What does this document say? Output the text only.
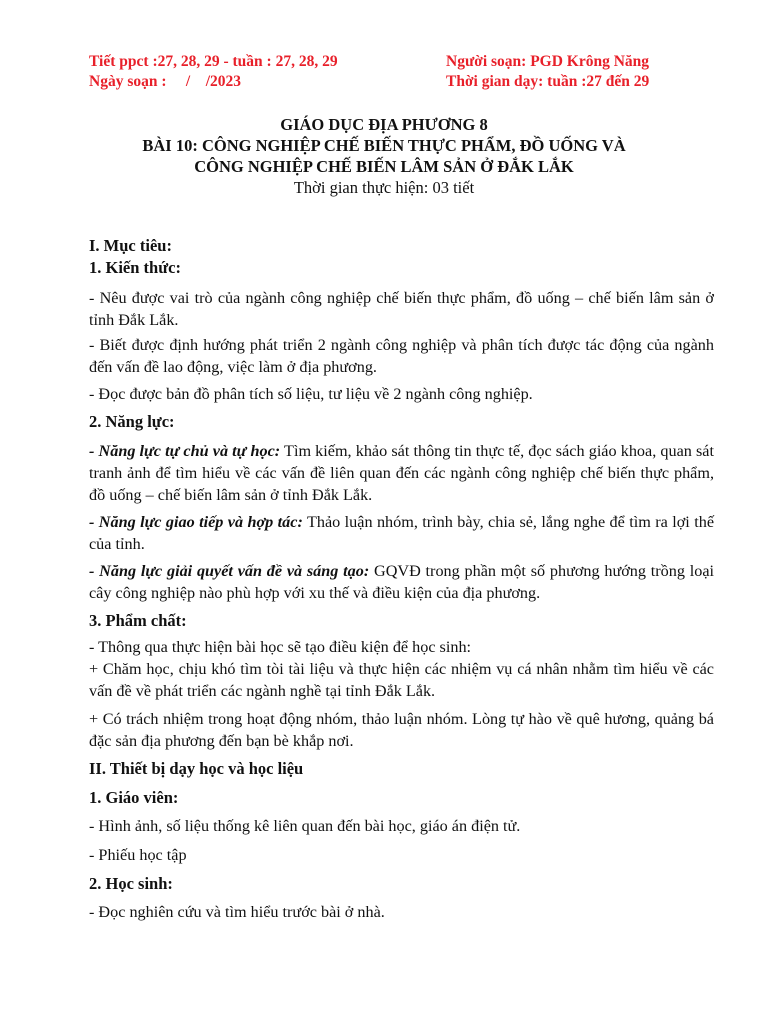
Tiết ppct :27, 28, 29 - tuần : 27, 28, 29
Ngày soạn :     /    /2023
Người soạn: PGD Krông Năng
Thời gian dạy: tuần :27 đến 29
GIÁO DỤC ĐỊA PHƯƠNG 8
BÀI 10: CÔNG NGHIỆP CHẾ BIẾN THỰC PHẨM, ĐỒ UỐNG VÀ
CÔNG NGHIỆP CHẾ BIẾN LÂM SẢN Ở ĐẮK LẮK
Thời gian thực hiện: 03 tiết
I. Mục tiêu:
1. Kiến thức:
- Nêu được vai trò của ngành công nghiệp chế biến thực phẩm, đồ uống – chế biến lâm sản ở tỉnh Đắk Lắk.
- Biết được định hướng phát triển 2 ngành công nghiệp và phân tích được tác động của ngành đến vấn đề lao động, việc làm ở địa phương.
- Đọc được bản đồ phân tích số liệu, tư liệu về 2 ngành công nghiệp.
2. Năng lực:
- Năng lực tự chủ và tự học: Tìm kiếm, khảo sát thông tin thực tế, đọc sách giáo khoa, quan sát tranh ảnh để tìm hiểu về các vấn đề liên quan đến các ngành công nghiệp chế biến thực phẩm, đồ uống – chế biến lâm sản ở tỉnh Đắk Lắk.
- Năng lực giao tiếp và hợp tác: Thảo luận nhóm, trình bày, chia sẻ, lắng nghe để tìm ra lợi thế của tỉnh.
- Năng lực giải quyết vấn đề và sáng tạo: GQVĐ trong phần một số phương hướng trồng loại cây công nghiệp nào phù hợp với xu thế và điều kiện của địa phương.
3. Phẩm chất:
- Thông qua thực hiện bài học sẽ tạo điều kiện để học sinh:
+ Chăm học, chịu khó tìm tòi tài liệu và thực hiện các nhiệm vụ cá nhân nhằm tìm hiểu về các vấn đề về phát triển các ngành nghề tại tỉnh Đắk Lắk.
+ Có trách nhiệm trong hoạt động nhóm, thảo luận nhóm. Lòng tự hào về quê hương, quảng bá đặc sản địa phương đến bạn bè khắp nơi.
II. Thiết bị dạy học và học liệu
1. Giáo viên:
- Hình ảnh, số liệu thống kê liên quan đến bài học, giáo án điện tử.
- Phiếu học tập
2. Học sinh:
- Đọc nghiên cứu và tìm hiểu trước bài ở nhà.
